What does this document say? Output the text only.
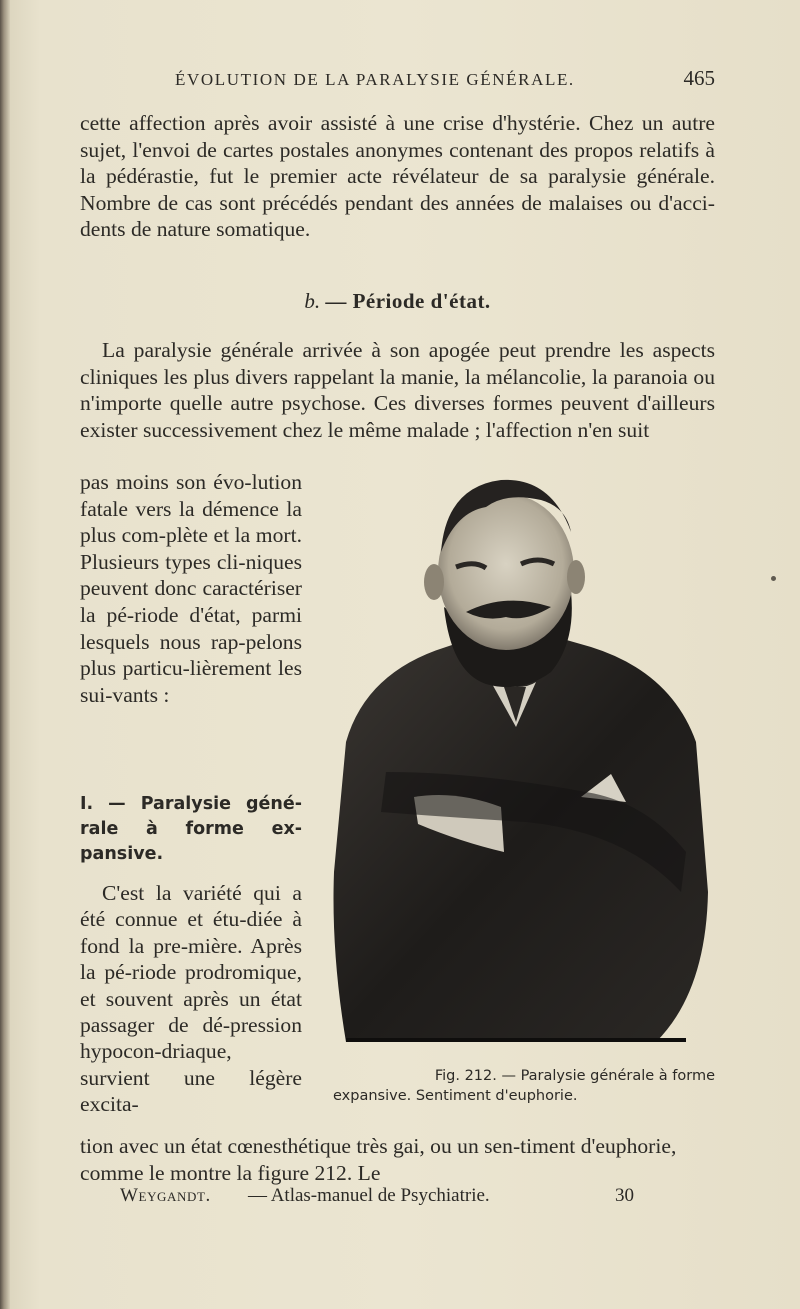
ÉVOLUTION DE LA PARALYSIE GÉNÉRALE.	465

cette affection après avoir assisté à une crise d'hystérie. Chez un autre sujet, l'envoi de cartes postales anonymes contenant des propos relatifs à la pédérastie, fut le premier acte révélateur de sa paralysie générale. Nombre de cas sont précédés pendant des années de malaises ou d'acci-dents de nature somatique.

b. — Période d'état.

La paralysie générale arrivée à son apogée peut prendre les aspects cliniques les plus divers rappelant la manie, la mélancolie, la paranoia ou n'importe quelle autre psychose. Ces diverses formes peuvent d'ailleurs exister successivement chez le même malade ; l'affection n'en suit

pas moins son évo-lution fatale vers la démence la plus com-plète et la mort. Plusieurs types cli-niques peuvent donc caractériser la pé-riode d'état, parmi lesquels nous rap-pelons plus particu-lièrement les sui-vants :

I. — Paralysie géné-rale à forme ex-pansive.

C'est la variété qui a été connue et étu-diée à fond la pre-mière. Après la pé-riode prodromique, et souvent après un état passager de dé-pression hypocon-driaque, survient une légère excita-

Fig. 212. — Paralysie générale à forme
expansive. Sentiment d'euphorie.

tion avec un état cœnesthétique très gai, ou un sen-timent d'euphorie, comme le montre la figure 212. Le

Weygandt. — Atlas-manuel de Psychiatrie.	30
